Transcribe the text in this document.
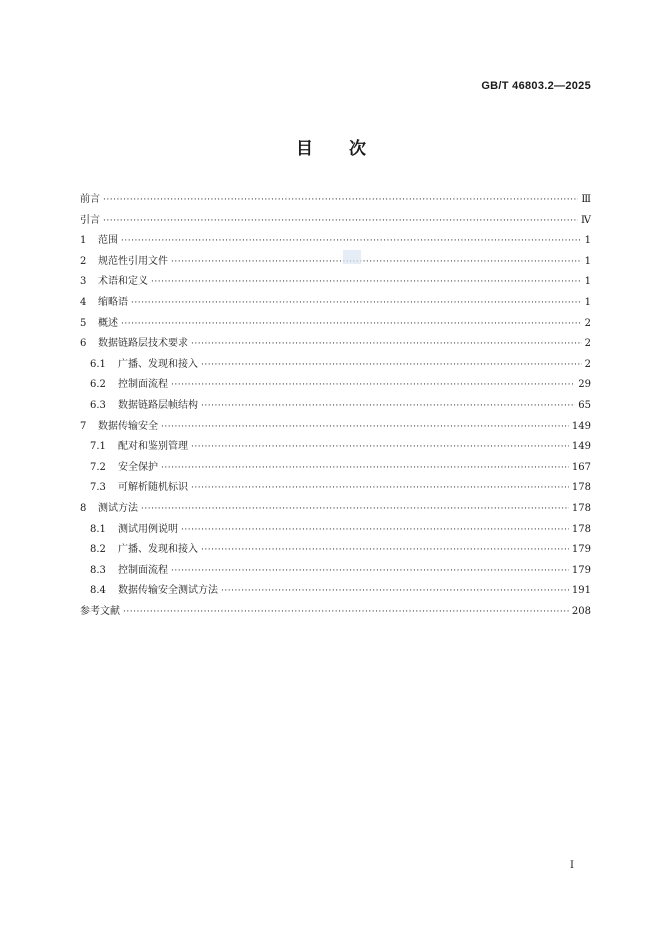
GB/T 46803.2—2025
目次
前言 ·····	Ⅲ
引言 ·····	Ⅳ
1	范围 ·····	1
2	规范性引用文件 ·····	1
3	术语和定义 ·····	1
4	缩略语 ·····	1
5	概述 ·····	2
6	数据链路层技术要求 ·····	2
6.1	广播、发现和接入 ·····	2
6.2	控制面流程 ·····	29
6.3	数据链路层帧结构 ·····	65
7	数据传输安全 ·····	149
7.1	配对和鉴别管理 ·····	149
7.2	安全保护 ·····	167
7.3	可解析随机标识 ·····	178
8	测试方法 ·····	178
8.1	测试用例说明 ·····	178
8.2	广播、发现和接入 ·····	179
8.3	控制面流程 ·····	179
8.4	数据传输安全测试方法 ·····	191
参考文献 ·····	208
Ⅰ
